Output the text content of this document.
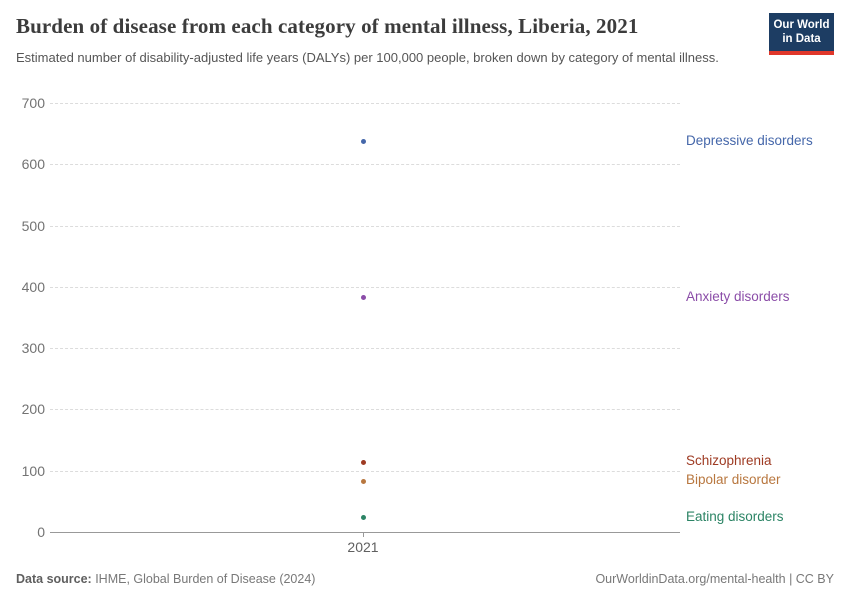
Burden of disease from each category of mental illness, Liberia, 2021

Estimated number of disability-adjusted life years (DALYs) per 100,000 people, broken down by category of mental illness.

Our World
in Data
0
100
200
300
400
500
600
700
2021
Depressive disorders
Anxiety disorders
Schizophrenia
Bipolar disorder
Eating disorders
Data source: IHME, Global Burden of Disease (2024)	OurWorldinData.org/mental-health | CC BY
